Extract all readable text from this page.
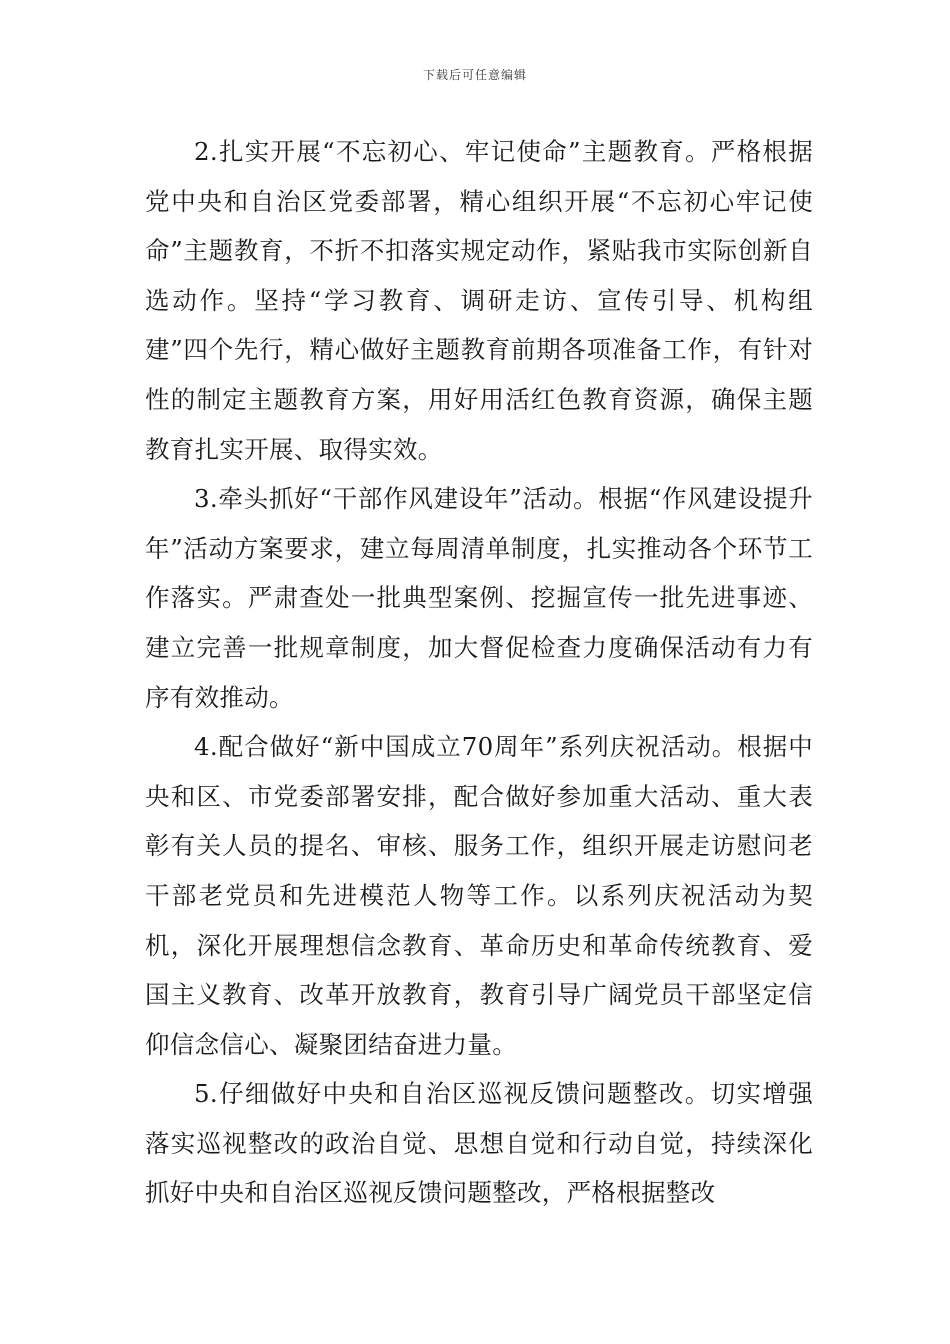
下载后可任意编辑

2.扎实开展“不忘初心、牢记使命”主题教育。严格根据党中央和自治区党委部署，精心组织开展“不忘初心牢记使命”主题教育，不折不扣落实规定动作，紧贴我市实际创新自选动作。坚持“学习教育、调研走访、宣传引导、机构组建”四个先行，精心做好主题教育前期各项准备工作，有针对性的制定主题教育方案，用好用活红色教育资源，确保主题教育扎实开展、取得实效。

3.牵头抓好“干部作风建设年”活动。根据“作风建设提升年”活动方案要求，建立每周清单制度，扎实推动各个环节工作落实。严肃查处一批典型案例、挖掘宣传一批先进事迹、建立完善一批规章制度，加大督促检查力度确保活动有力有序有效推动。

4.配合做好“新中国成立70周年”系列庆祝活动。根据中央和区、市党委部署安排，配合做好参加重大活动、重大表彰有关人员的提名、审核、服务工作，组织开展走访慰问老干部老党员和先进模范人物等工作。以系列庆祝活动为契机，深化开展理想信念教育、革命历史和革命传统教育、爱国主义教育、改革开放教育，教育引导广阔党员干部坚定信仰信念信心、凝聚团结奋进力量。

5.仔细做好中央和自治区巡视反馈问题整改。切实增强落实巡视整改的政治自觉、思想自觉和行动自觉，持续深化抓好中央和自治区巡视反馈问题整改，严格根据整改
